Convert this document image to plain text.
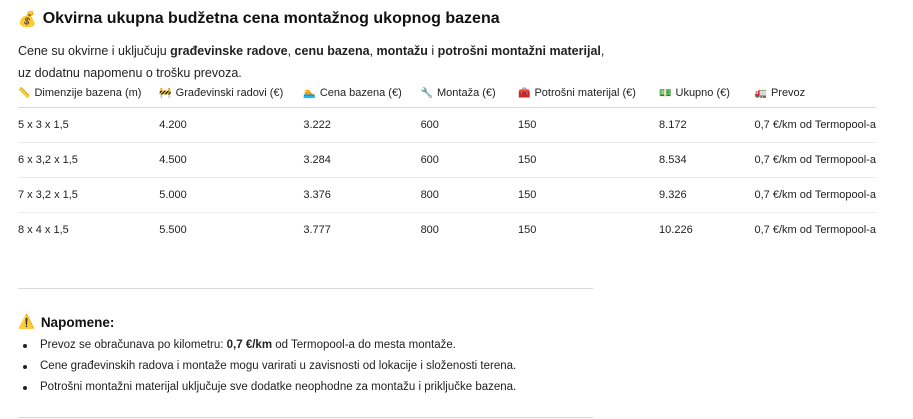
💰 Okvirna ukupna budžetna cena montažnog ukopnog bazena
Cene su okvirne i uključuju građevinske radove, cenu bazena, montažu i potrošni montažni materijal, uz dodatnu napomenu o trošku prevoza.
📏 Dimenzije bazena (m)	🚧 Građevinski radovi (€)	🏊 Cena bazena (€)	🔧 Montaža (€)	🧰 Potrošni materijal (€)	💵 Ukupno (€)	🚛 Prevoz
5 x 3 x 1,5	4.200	3.222	600	150	8.172	0,7 €/km od Termopool-a
6 x 3,2 x 1,5	4.500	3.284	600	150	8.534	0,7 €/km od Termopool-a
7 x 3,2 x 1,5	5.000	3.376	800	150	9.326	0,7 €/km od Termopool-a
8 x 4 x 1,5	5.500	3.777	800	150	10.226	0,7 €/km od Termopool-a
⚠️ Napomene:
Prevoz se obračunava po kilometru: 0,7 €/km od Termopool-a do mesta montaže.
Cene građevinskih radova i montaže mogu varirati u zavisnosti od lokacije i složenosti terena.
Potrošni montažni materijal uključuje sve dodatke neophodne za montažu i priključke bazena.
